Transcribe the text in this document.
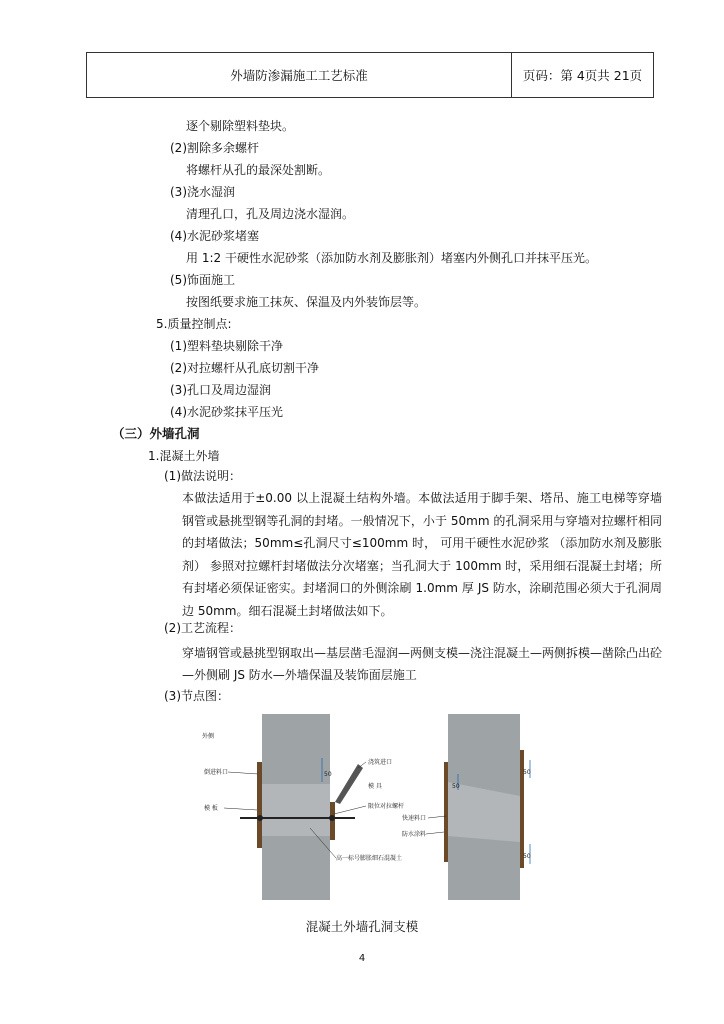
外墙防渗漏施工工艺标准	页码：第 4页共 21页
逐个剔除塑料垫块。
(2)割除多余螺杆
将螺杆从孔的最深处割断。
(3)浇水湿润
清理孔口，孔及周边浇水湿润。
(4)水泥砂浆堵塞
用 1:2 干硬性水泥砂浆（添加防水剂及膨胀剂）堵塞内外侧孔口并抹平压光。
(5)饰面施工
按图纸要求施工抹灰、保温及内外装饰层等。
5.质量控制点:
(1)塑料垫块剔除干净
(2)对拉螺杆从孔底切割干净
(3)孔口及周边湿润
(4)水泥砂浆抹平压光
（三）外墙孔洞
1.混凝土外墙
(1)做法说明：
本做法适用于±0.00 以上混凝土结构外墙。本做法适用于脚手架、塔吊、施工电梯等穿墙钢管或悬挑型钢等孔洞的封堵。一般情况下，小于 50mm 的孔洞采用与穿墙对拉螺杆相同的封堵做法；50mm≤孔洞尺寸≤100mm 时， 可用干硬性水泥砂浆 （添加防水剂及膨胀剂） 参照对拉螺杆封堵做法分次堵塞；当孔洞大于 100mm 时，采用细石混凝土封堵；所有封堵必须保证密实。封堵洞口的外侧涂刷 1.0mm 厚 JS 防水，涂刷范围必须大于孔洞周边 50mm。细石混凝土封堵做法如下。
(2)工艺流程：
穿墙钢管或悬挑型钢取出—基层凿毛湿润—两侧支模—浇注混凝土—两侧拆模—凿除凸出砼—外侧刷 JS 防水—外墙保温及装饰面层施工
(3)节点图：
外侧
倒进料口
模 板
浇筑进口
模 具
限位对拉螺杆
高一标号膨胀细石混凝土
50
50
50
50
快速料口
防水涂料
混凝土外墙孔洞支模
4
